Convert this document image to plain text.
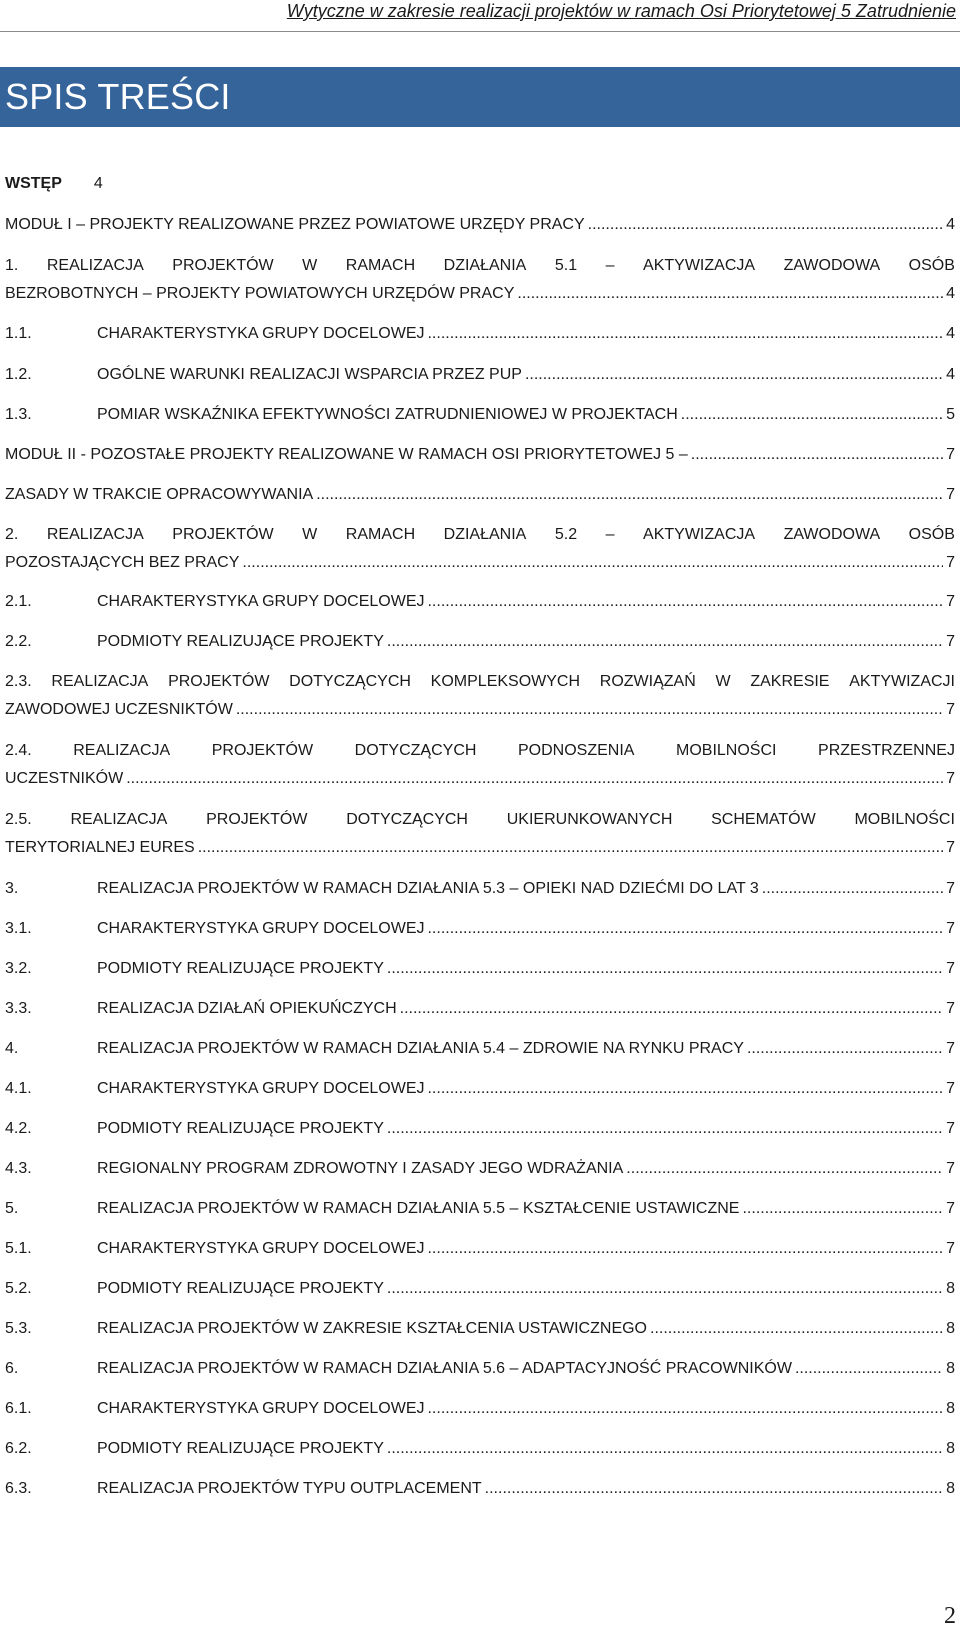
Wytyczne w zakresie realizacji projektów w ramach Osi Priorytetowej 5 Zatrudnienie
SPIS TREŚCI
WSTĘP 4
MODUŁ I – PROJEKTY REALIZOWANE PRZEZ POWIATOWE URZĘDY PRACY .....	4
1. REALIZACJA PROJEKTÓW W RAMACH DZIAŁANIA 5.1 – AKTYWIZACJA ZAWODOWA OSÓB
BEZROBOTNYCH – PROJEKTY POWIATOWYCH URZĘDÓW PRACY .....	4
1.1.	CHARAKTERYSTYKA GRUPY DOCELOWEJ .....	4
1.2.	OGÓLNE WARUNKI REALIZACJI WSPARCIA PRZEZ PUP .....	4
1.3.	POMIAR WSKAŹNIKA EFEKTYWNOŚCI ZATRUDNIENIOWEJ W PROJEKTACH .....	5
MODUŁ II - POZOSTAŁE PROJEKTY REALIZOWANE W RAMACH OSI PRIORYTETOWEJ 5 – .....	7
ZASADY W TRAKCIE OPRACOWYWANIA .....	7
2. REALIZACJA PROJEKTÓW W RAMACH DZIAŁANIA 5.2 – AKTYWIZACJA ZAWODOWA OSÓB
POZOSTAJĄCYCH BEZ PRACY .....	7
2.1.	CHARAKTERYSTYKA GRUPY DOCELOWEJ .....	7
2.2.	PODMIOTY REALIZUJĄCE PROJEKTY .....	7
2.3. REALIZACJA PROJEKTÓW DOTYCZĄCYCH KOMPLEKSOWYCH ROZWIĄZAŃ W ZAKRESIE AKTYWIZACJI
ZAWODOWEJ UCZESNIKTÓW .....	7
2.4.	REALIZACJA	PROJEKTÓW	DOTYCZĄCYCH	PODNOSZENIA	MOBILNOŚCI	PRZESTRZENNEJ
UCZESTNIKÓW .....	7
2.5. REALIZACJA PROJEKTÓW DOTYCZĄCYCH UKIERUNKOWANYCH SCHEMATÓW MOBILNOŚCI
TERYTORIALNEJ EURES .....	7
3.	REALIZACJA PROJEKTÓW W RAMACH DZIAŁANIA 5.3 – OPIEKI NAD DZIEĆMI DO LAT 3 .....	7
3.1.	CHARAKTERYSTYKA GRUPY DOCELOWEJ .....	7
3.2.	PODMIOTY REALIZUJĄCE PROJEKTY .....	7
3.3.	REALIZACJA DZIAŁAŃ OPIEKUŃCZYCH .....	7
4.	REALIZACJA PROJEKTÓW W RAMACH DZIAŁANIA 5.4 – ZDROWIE NA RYNKU PRACY .....	7
4.1.	CHARAKTERYSTYKA GRUPY DOCELOWEJ .....	7
4.2.	PODMIOTY REALIZUJĄCE PROJEKTY .....	7
4.3.	REGIONALNY PROGRAM ZDROWOTNY I ZASADY JEGO WDRAŻANIA .....	7
5.	REALIZACJA PROJEKTÓW W RAMACH DZIAŁANIA 5.5 – KSZTAŁCENIE USTAWICZNE .....	7
5.1.	CHARAKTERYSTYKA GRUPY DOCELOWEJ .....	7
5.2.	PODMIOTY REALIZUJĄCE PROJEKTY .....	8
5.3.	REALIZACJA PROJEKTÓW W ZAKRESIE KSZTAŁCENIA USTAWICZNEGO .....	8
6.	REALIZACJA PROJEKTÓW W RAMACH DZIAŁANIA 5.6 – ADAPTACYJNOŚĆ PRACOWNIKÓW .....	8
6.1.	CHARAKTERYSTYKA GRUPY DOCELOWEJ .....	8
6.2.	PODMIOTY REALIZUJĄCE PROJEKTY .....	8
6.3.	REALIZACJA PROJEKTÓW TYPU OUTPLACEMENT .....	8
2
